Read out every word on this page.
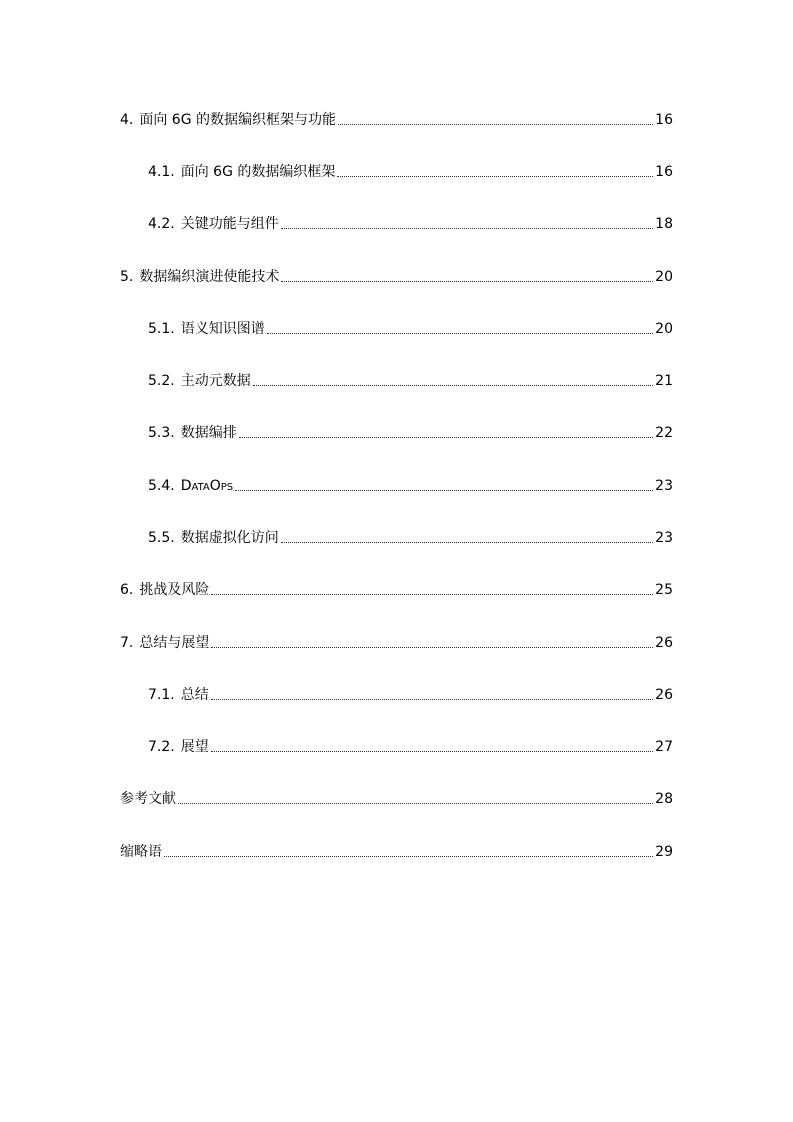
4. 面向 6G 的数据编织框架与功能	16
4.1. 面向 6G 的数据编织框架	16
4.2. 关键功能与组件	18
5. 数据编织演进使能技术	20
5.1. 语义知识图谱	20
5.2. 主动元数据	21
5.3. 数据编排	22
5.4. DataOps	23
5.5. 数据虚拟化访问	23
6. 挑战及风险	25
7. 总结与展望	26
7.1. 总结	26
7.2. 展望	27
参考文献	28
缩略语	29
